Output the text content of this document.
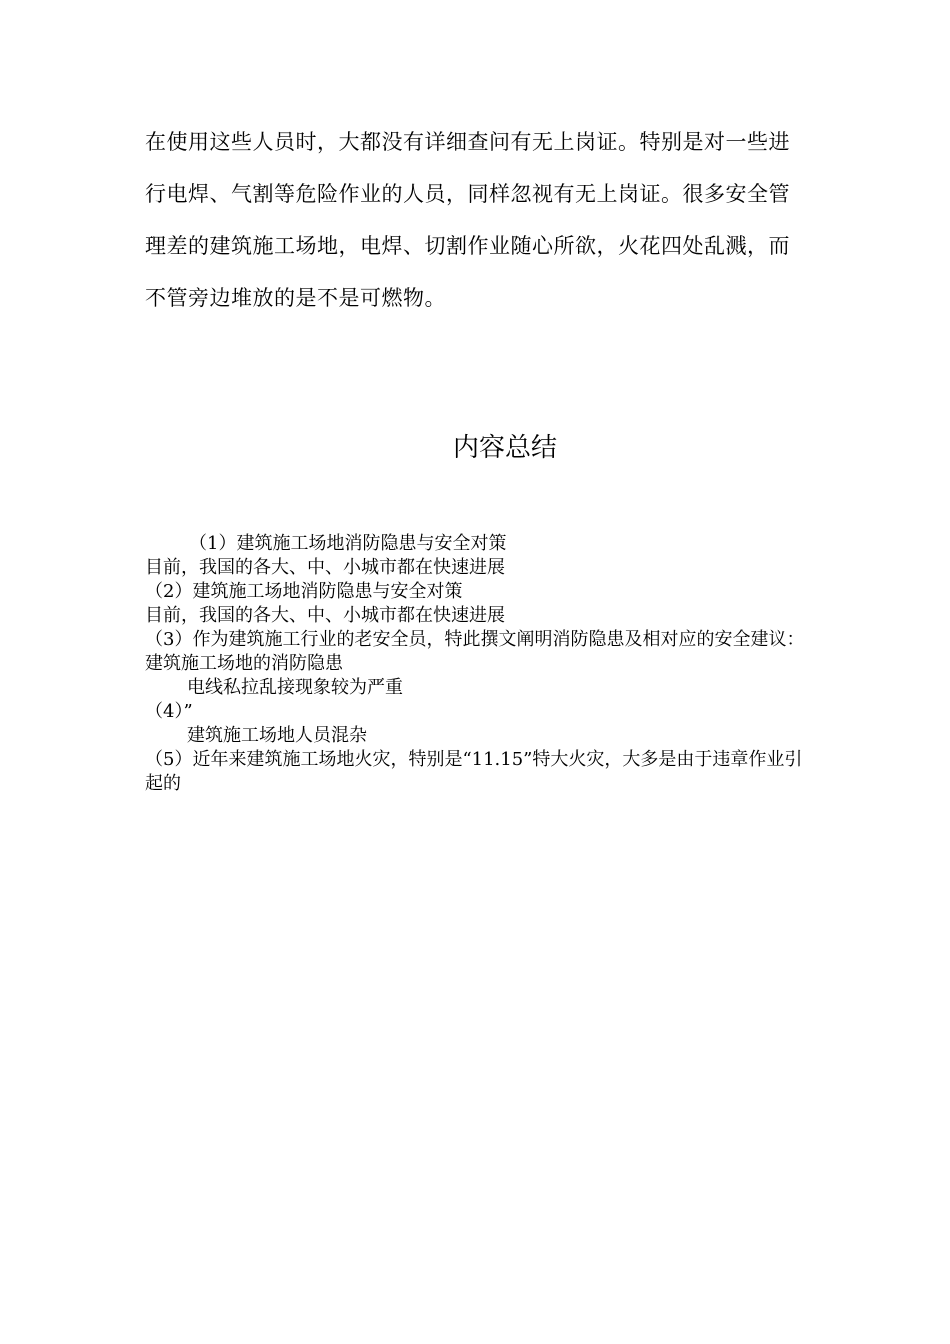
在使用这些人员时，大都没有详细查问有无上岗证。特别是对一些进行电焊、气割等危险作业的人员，同样忽视有无上岗证。很多安全管理差的建筑施工场地，电焊、切割作业随心所欲，火花四处乱溅，而不管旁边堆放的是不是可燃物。

内容总结
（1）建筑施工场地消防隐患与安全对策
目前，我国的各大、中、小城市都在快速进展
（2）建筑施工场地消防隐患与安全对策
目前，我国的各大、中、小城市都在快速进展
（3）作为建筑施工行业的老安全员，特此撰文阐明消防隐患及相对应的安全建议：
建筑施工场地的消防隐患
电线私拉乱接现象较为严重
（4）”
建筑施工场地人员混杂
（5）近年来建筑施工场地火灾，特别是“11.15”特大火灾，大多是由于违章作业引起的
